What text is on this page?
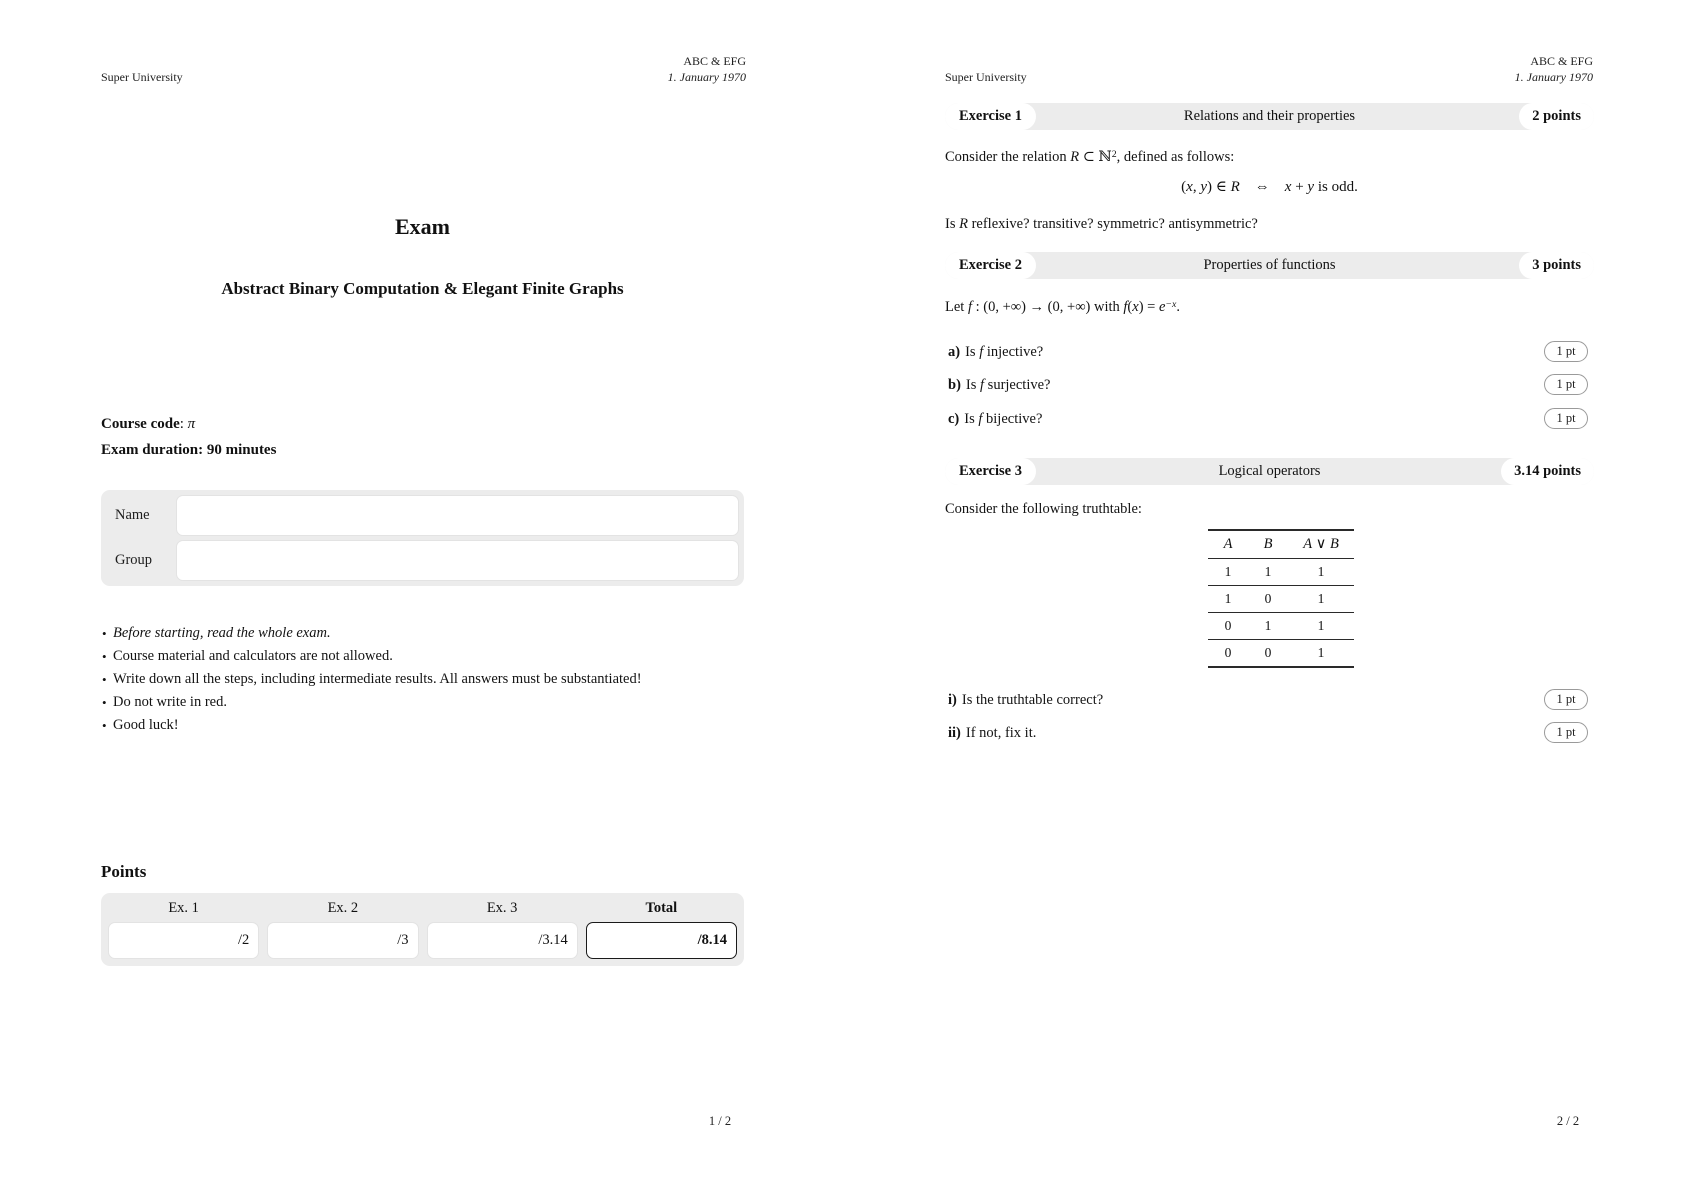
Super University
ABC & EFG
1. January 1970
Exam
Abstract Binary Computation & Elegant Finite Graphs
Course code: π
Exam duration: 90 minutes
Name
Group
• Before starting, read the whole exam.
• Course material and calculators are not allowed.
• Write down all the steps, including intermediate results. All answers must be substantiated!
• Do not write in red.
• Good luck!
Points
Ex. 1	Ex. 2	Ex. 3	Total
/2	/3	/3.14	/8.14
1 / 2
Super University
ABC & EFG
1. January 1970
Relations and their properties
Exercise 1	2 points
Consider the relation R ⊂ ℕ$^2$, defined as follows:
(x, y) ∈ R ⇔ x + y is odd.
Is R reflexive? transitive? symmetric? antisymmetric?
Properties of functions
Exercise 2	3 points
Let f : (0, +∞) → (0, +∞) with $f(x) = e^{-x}$.
a) Is f injective?	1 pt
b) Is f surjective?	1 pt
c) Is f bijective?	1 pt
Logical operators
Exercise 3	3.14 points
Consider the following truthtable:
A	B	A ∨ B
1	1	1
1	0	1
0	1	1
0	0	1
i) Is the truthtable correct?	1 pt
ii) If not, fix it.	1 pt
2 / 2
